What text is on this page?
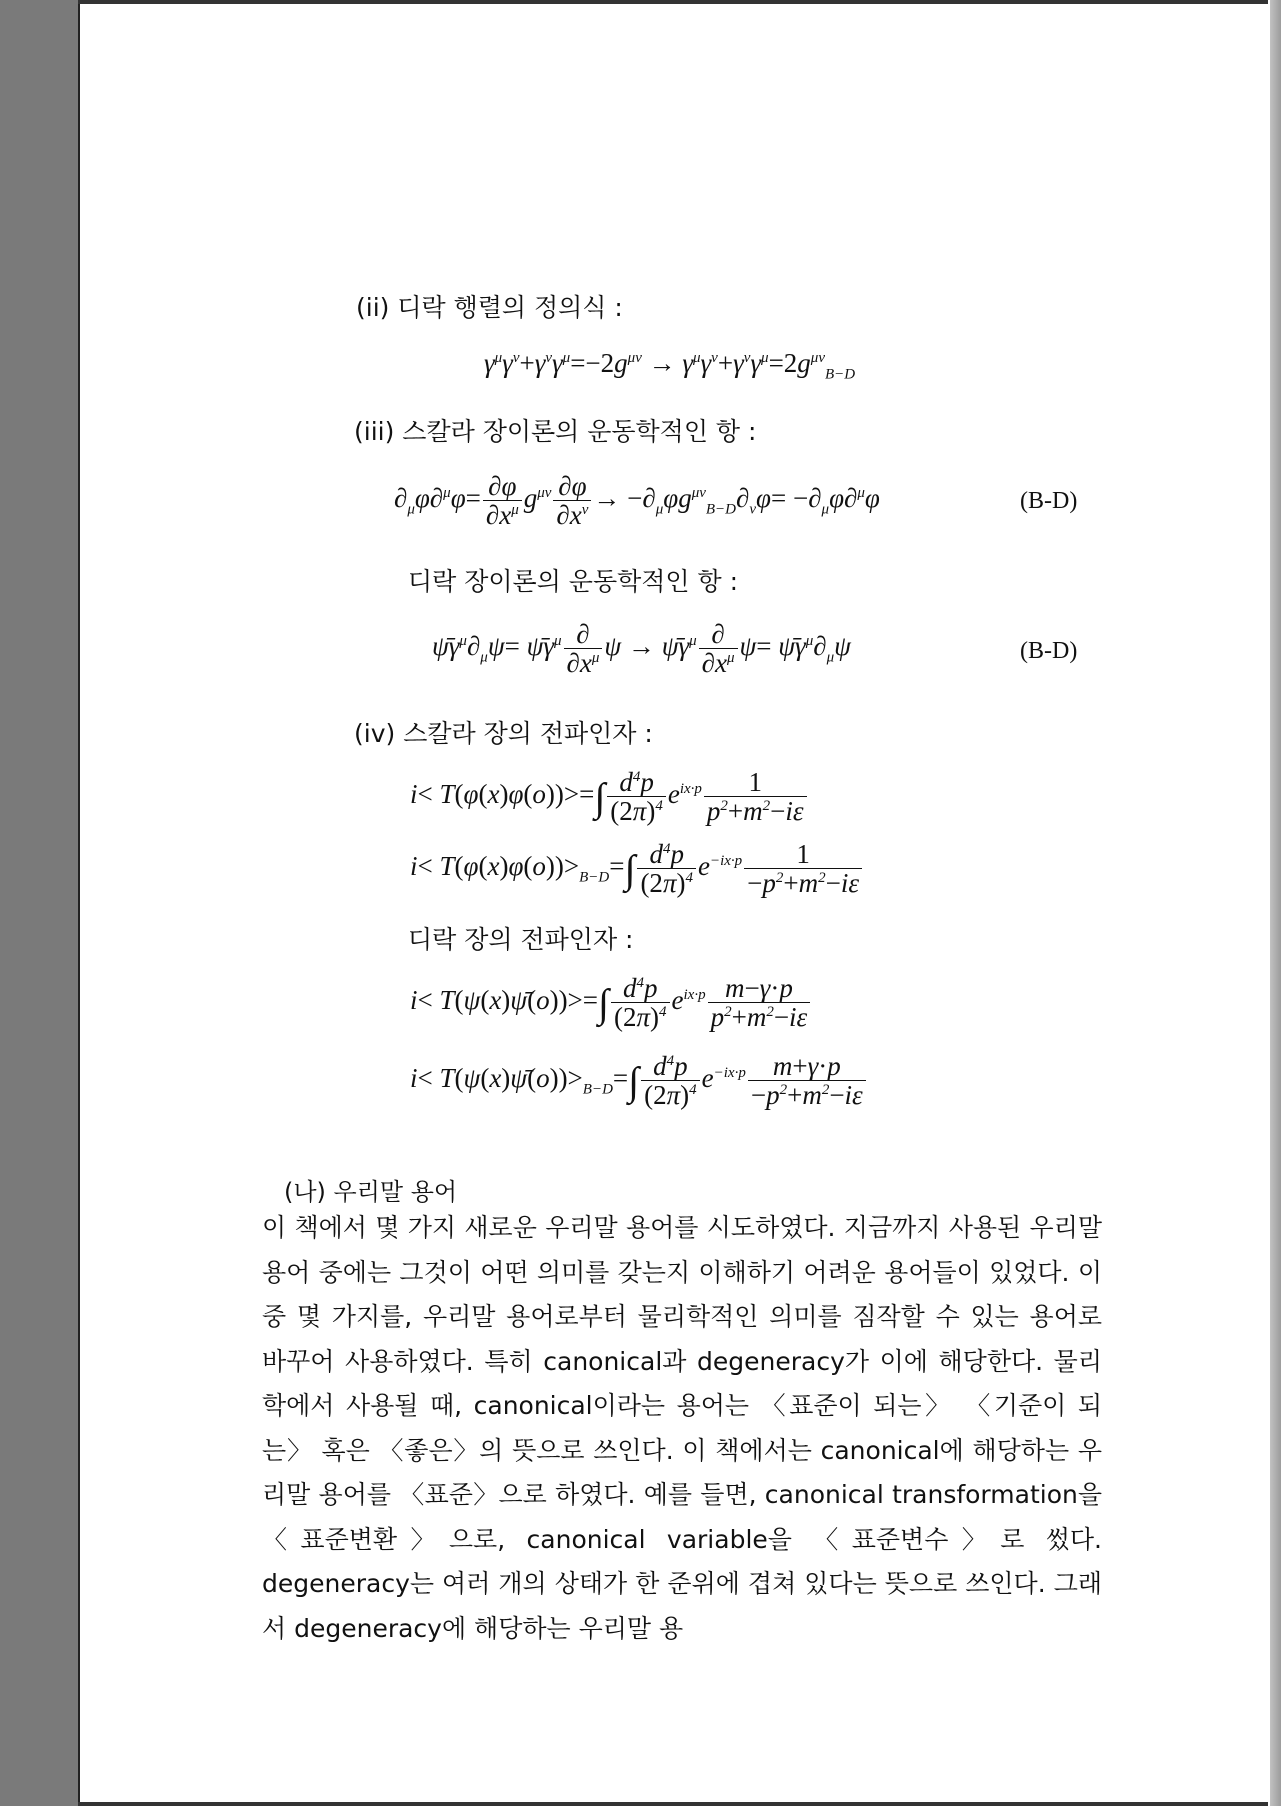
(ii) 디락 행렬의 정의식 :
$\gamma^\mu\gamma^\nu+\gamma^\nu\gamma^\mu=-2g^{\mu\nu} \to \gamma^\mu\gamma^\nu+\gamma^\nu\gamma^\mu=2g^{\mu\nu}_{B-D}$
(iii) 스칼라 장이론의 운동학적인 항 :
$\partial_\mu\varphi\partial^\mu\varphi= \frac{\partial\varphi}{\partial x^\mu} g^{\mu\nu} \frac{\partial\varphi}{\partial x^\nu} \to -\partial_\mu\varphi g^{\mu\nu}_{B-D}\partial_\nu\varphi= -\partial_\mu\varphi\partial^\mu\varphi$	(B-D)
디락 장이론의 운동학적인 항 :
$\psī\gamma^\mu\partial_\mu\psi=$ $\psī\gamma^\mu \frac{\partial}{\partial x^\mu}$ $\psi \to \psī\gamma^\mu \frac{\partial}{\partial x^\mu} \psi=$ $\psī\gamma^\mu\partial_\mu\psi$	(B-D)
(iv) 스칼라 장의 전파인자 :
$i< T(\varphi(x)\varphi(o))>=\int \frac{d^4p}{(2\pi)^4} e^{ix\cdot p} \frac{1}{p^2+m^2-i\varepsilon}$
$i< T(\varphi(x)\varphi(o))>_{B-D}=\int \frac{d^4p}{(2\pi)^4} e^{-ix\cdot p} \frac{1}{-p^2+m^2-i\varepsilon}$
디락 장의 전파인자 :
i< T(ψ(x)ψ̄(o))>=∫ $\frac{d^4p}{(2\pi)^4} e^{ix\cdot p} \frac{m-\gamma\cdot p}{p^2+m^2-i\varepsilon}$
$i< T(\psi(x)\psī(o))>_{B-D}=\int \frac{d^4p}{(2\pi)^4} e^{-ix\cdot p} \frac{m+\gamma\cdot p}{-p^2+m^2-i\varepsilon}$
(나) 우리말 용어

이 책에서 몇 가지 새로운 우리말 용어를 시도하였다. 지금까지 사용된 우리말 용어 중에는 그것이 어떤 의미를 갖는지 이해하기 어려운 용어들이 있었다. 이 중 몇 가지를, 우리말 용어로부터 물리학적인 의미를 짐작할 수 있는 용어로 바꾸어 사용하였다. 특히 canonical과 degeneracy가 이에 해당한다. 물리학에서 사용될 때, canonical이라는 용어는 〈표준이 되는〉 〈기준이 되는〉 혹은 〈좋은〉의 뜻으로 쓰인다. 이 책에서는 canonical에 해당하는 우리말 용어를 〈표준〉으로 하였다. 예를 들면, canonical transformation을 〈표준변환〉으로, canonical variable을 〈표준변수〉로 썼다. degeneracy는 여러 개의 상태가 한 준위에 겹쳐 있다는 뜻으로 쓰인다. 그래서 degeneracy에 해당하는 우리말 용
